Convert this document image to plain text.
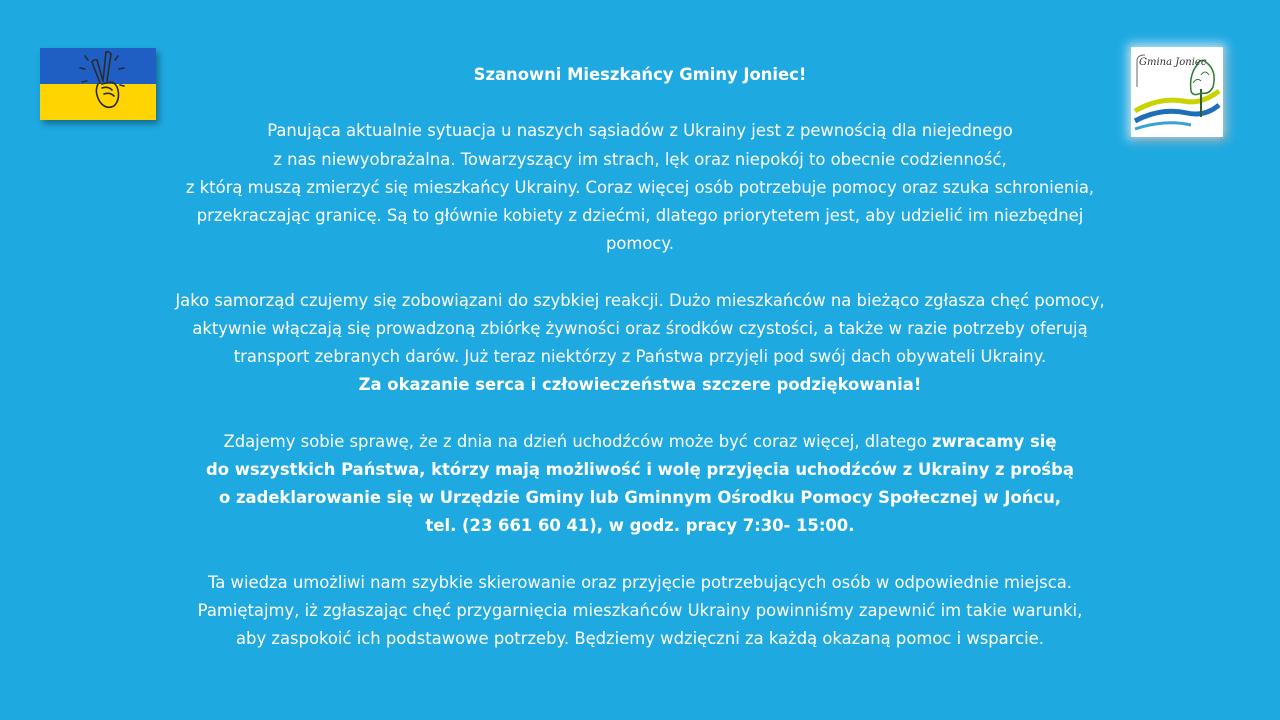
Gmina Joniec

Szanowni Mieszkańcy Gminy Joniec!

Panująca aktualnie sytuacja u naszych sąsiadów z Ukrainy jest z pewnością dla niejednego

z nas niewyobrażalna. Towarzyszący im strach, lęk oraz niepokój to obecnie codzienność,

z którą muszą zmierzyć się mieszkańcy Ukrainy. Coraz więcej osób potrzebuje pomocy oraz szuka schronienia,

przekraczając granicę. Są to głównie kobiety z dziećmi, dlatego priorytetem jest, aby udzielić im niezbędnej

pomocy.

Jako samorząd czujemy się zobowiązani do szybkiej reakcji. Dużo mieszkańców na bieżąco zgłasza chęć pomocy,

aktywnie włączają się prowadzoną zbiórkę żywności oraz środków czystości, a także w razie potrzeby oferują

transport zebranych darów. Już teraz niektórzy z Państwa przyjęli pod swój dach obywateli Ukrainy.

Za okazanie serca i człowieczeństwa szczere podziękowania!

Zdajemy sobie sprawę, że z dnia na dzień uchodźców może być coraz więcej, dlatego zwracamy się

do wszystkich Państwa, którzy mają możliwość i wolę przyjęcia uchodźców z Ukrainy z prośbą

o zadeklarowanie się w Urzędzie Gminy lub Gminnym Ośrodku Pomocy Społecznej w Jońcu,

tel. (23 661 60 41), w godz. pracy 7:30- 15:00.

Ta wiedza umożliwi nam szybkie skierowanie oraz przyjęcie potrzebujących osób w odpowiednie miejsca.

Pamiętajmy, iż zgłaszając chęć przygarnięcia mieszkańców Ukrainy powinniśmy zapewnić im takie warunki,

aby zaspokoić ich podstawowe potrzeby. Będziemy wdzięczni za każdą okazaną pomoc i wsparcie.
